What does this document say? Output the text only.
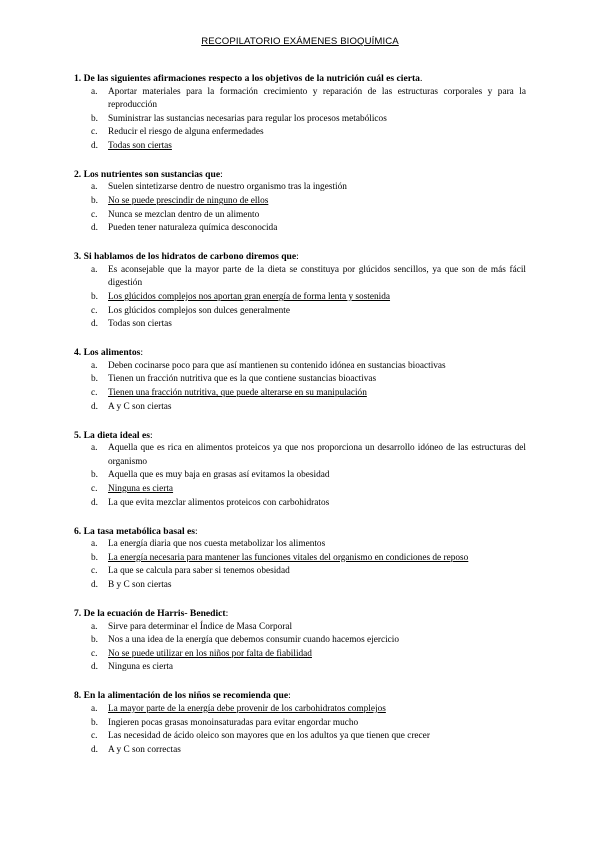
RECOPILATORIO EXÁMENES BIOQUÍMICA
1. De las siguientes afirmaciones respecto a los objetivos de la nutrición cuál es cierta.
a. Aportar materiales para la formación crecimiento y reparación de las estructuras corporales y para la reproducción
b. Suministrar las sustancias necesarias para regular los procesos metabólicos
c. Reducir el riesgo de alguna enfermedades
d. Todas son ciertas
2. Los nutrientes son sustancias que:
a. Suelen sintetizarse dentro de nuestro organismo tras la ingestión
b. No se puede prescindir de ninguno de ellos
c. Nunca se mezclan dentro de un alimento
d. Pueden tener naturaleza química desconocida
3. Si hablamos de los hidratos de carbono diremos que:
a. Es aconsejable que la mayor parte de la dieta se constituya por glúcidos sencillos, ya que son de más fácil digestión
b. Los glúcidos complejos nos aportan gran energía de forma lenta y sostenida
c. Los glúcidos complejos son dulces generalmente
d. Todas son ciertas
4. Los alimentos:
a. Deben cocinarse poco para que así mantienen su contenido idónea en sustancias bioactivas
b. Tienen un fracción nutritiva que es la que contiene sustancias bioactivas
c. Tienen una fracción nutritiva, que puede alterarse en su manipulación
d. A y C son ciertas
5. La dieta ideal es:
a. Aquella que es rica en alimentos proteicos ya que nos proporciona un desarrollo idóneo de las estructuras del organismo
b. Aquella que es muy baja en grasas así evitamos la obesidad
c. Ninguna es cierta
d. La que evita mezclar alimentos proteicos con carbohidratos
6. La tasa metabólica basal es:
a. La energía diaria que nos cuesta metabolizar los alimentos
b. La energía necesaria para mantener las funciones vitales del organismo en condiciones de reposo
c. La que se calcula para saber si tenemos obesidad
d. B y C son ciertas
7. De la ecuación de Harris- Benedict:
a. Sirve para determinar el Índice de Masa Corporal
b. Nos a una idea de la energía que debemos consumir cuando hacemos ejercicio
c. No se puede utilizar en los niños por falta de fiabilidad
d. Ninguna es cierta
8. En la alimentación de los niños se recomienda que:
a. La mayor parte de la energía debe provenir de los carbohidratos complejos
b. Ingieren pocas grasas monoinsaturadas para evitar engordar mucho
c. Las necesidad de ácido oleico son mayores que en los adultos ya que tienen que crecer
d. A y C son correctas
